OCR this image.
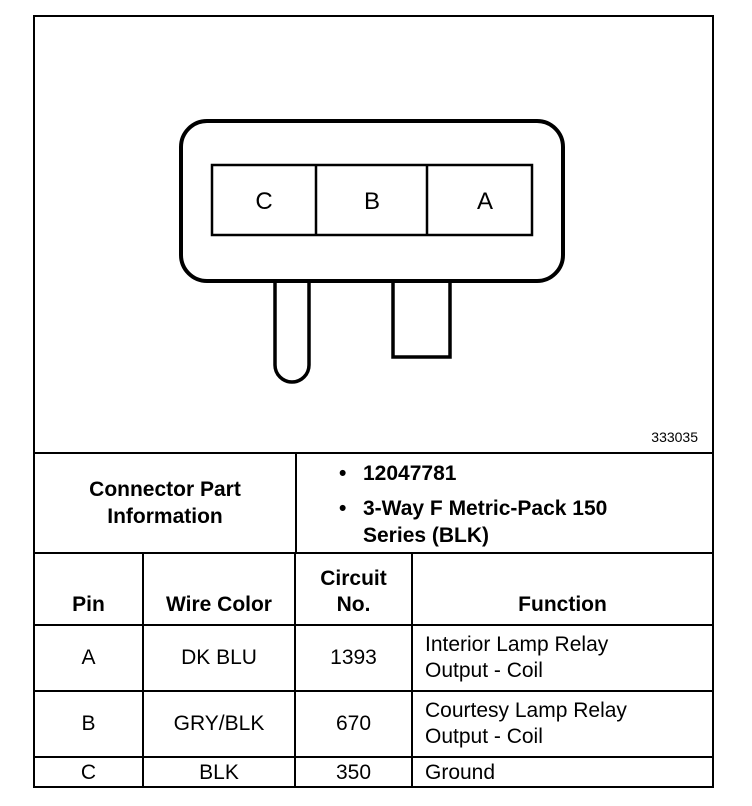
C	B	A
333035
Connector Part Information
• 12047781
• 3-Way F Metric-Pack 150 Series (BLK)
Pin	Wire Color	Circuit No.	Function
A	DK BLU	1393	Interior Lamp Relay Output - Coil

B	GRY/BLK	670	Courtesy Lamp Relay Output - Coil

C	BLK	350	Ground
